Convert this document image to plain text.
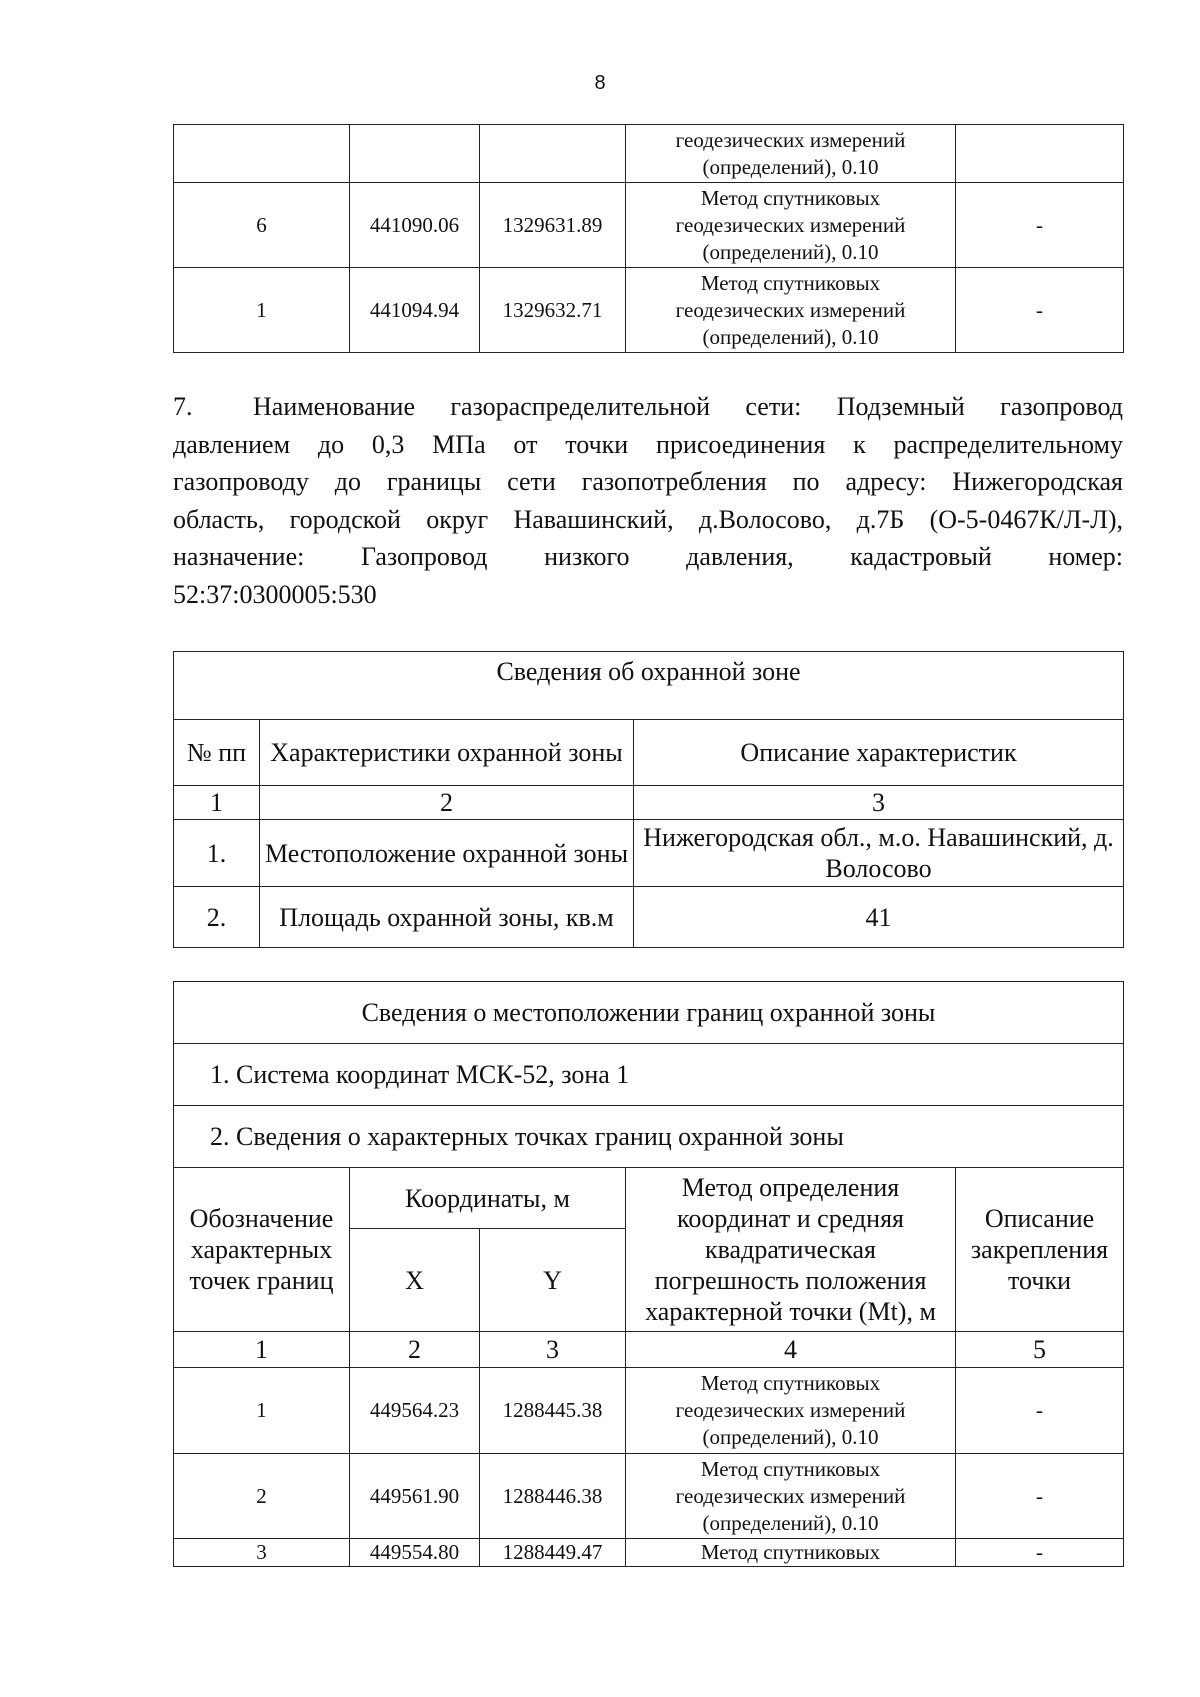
8

			геодезических измерений
(определений), 0.10	

6	441090.06	1329631.89	Метод спутниковых
геодезических измерений
(определений), 0.10	-
1	441094.94	1329632.71	Метод спутниковых
геодезических измерений
(определений), 0.10	-
7. Наименование газораспределительной сети: Подземный газопровод
давлением до 0,3 МПа от точки присоединения к распределительному
газопроводу до границы сети газопотребления по адресу: Нижегородская
область, городской округ Навашинский, д.Волосово, д.7Б (О-5-0467К/Л-Л),
назначение: Газопровод низкого давления, кадастровый номер:
52:37:0300005:530
Сведения об охранной зоне		
№ пп	Характеристики охранной зоны	Описание характеристик
1	2	3
1.	Местоположение охранной зоны	Нижегородская обл., м.о. Навашинский, д. Волосово
2.	Площадь охранной зоны, кв.м	41
Сведения о местоположении границ охранной зоны				
1. Система координат МСК-52, зона 1				
2. Сведения о характерных точках границ охранной зоны				
Обозначение характерных точек границ	Координаты, м		Метод определения координат и средняя квадратическая погрешность положения характерной точки (Mt), м	Описание закрепления точки
	X	Y		
1	2	3	4	5
1	449564.23	1288445.38	Метод спутниковых
геодезических измерений
(определений), 0.10	-
2	449561.90	1288446.38	Метод спутниковых
геодезических измерений
(определений), 0.10	-
3	449554.80	1288449.47	Метод спутниковых	-
